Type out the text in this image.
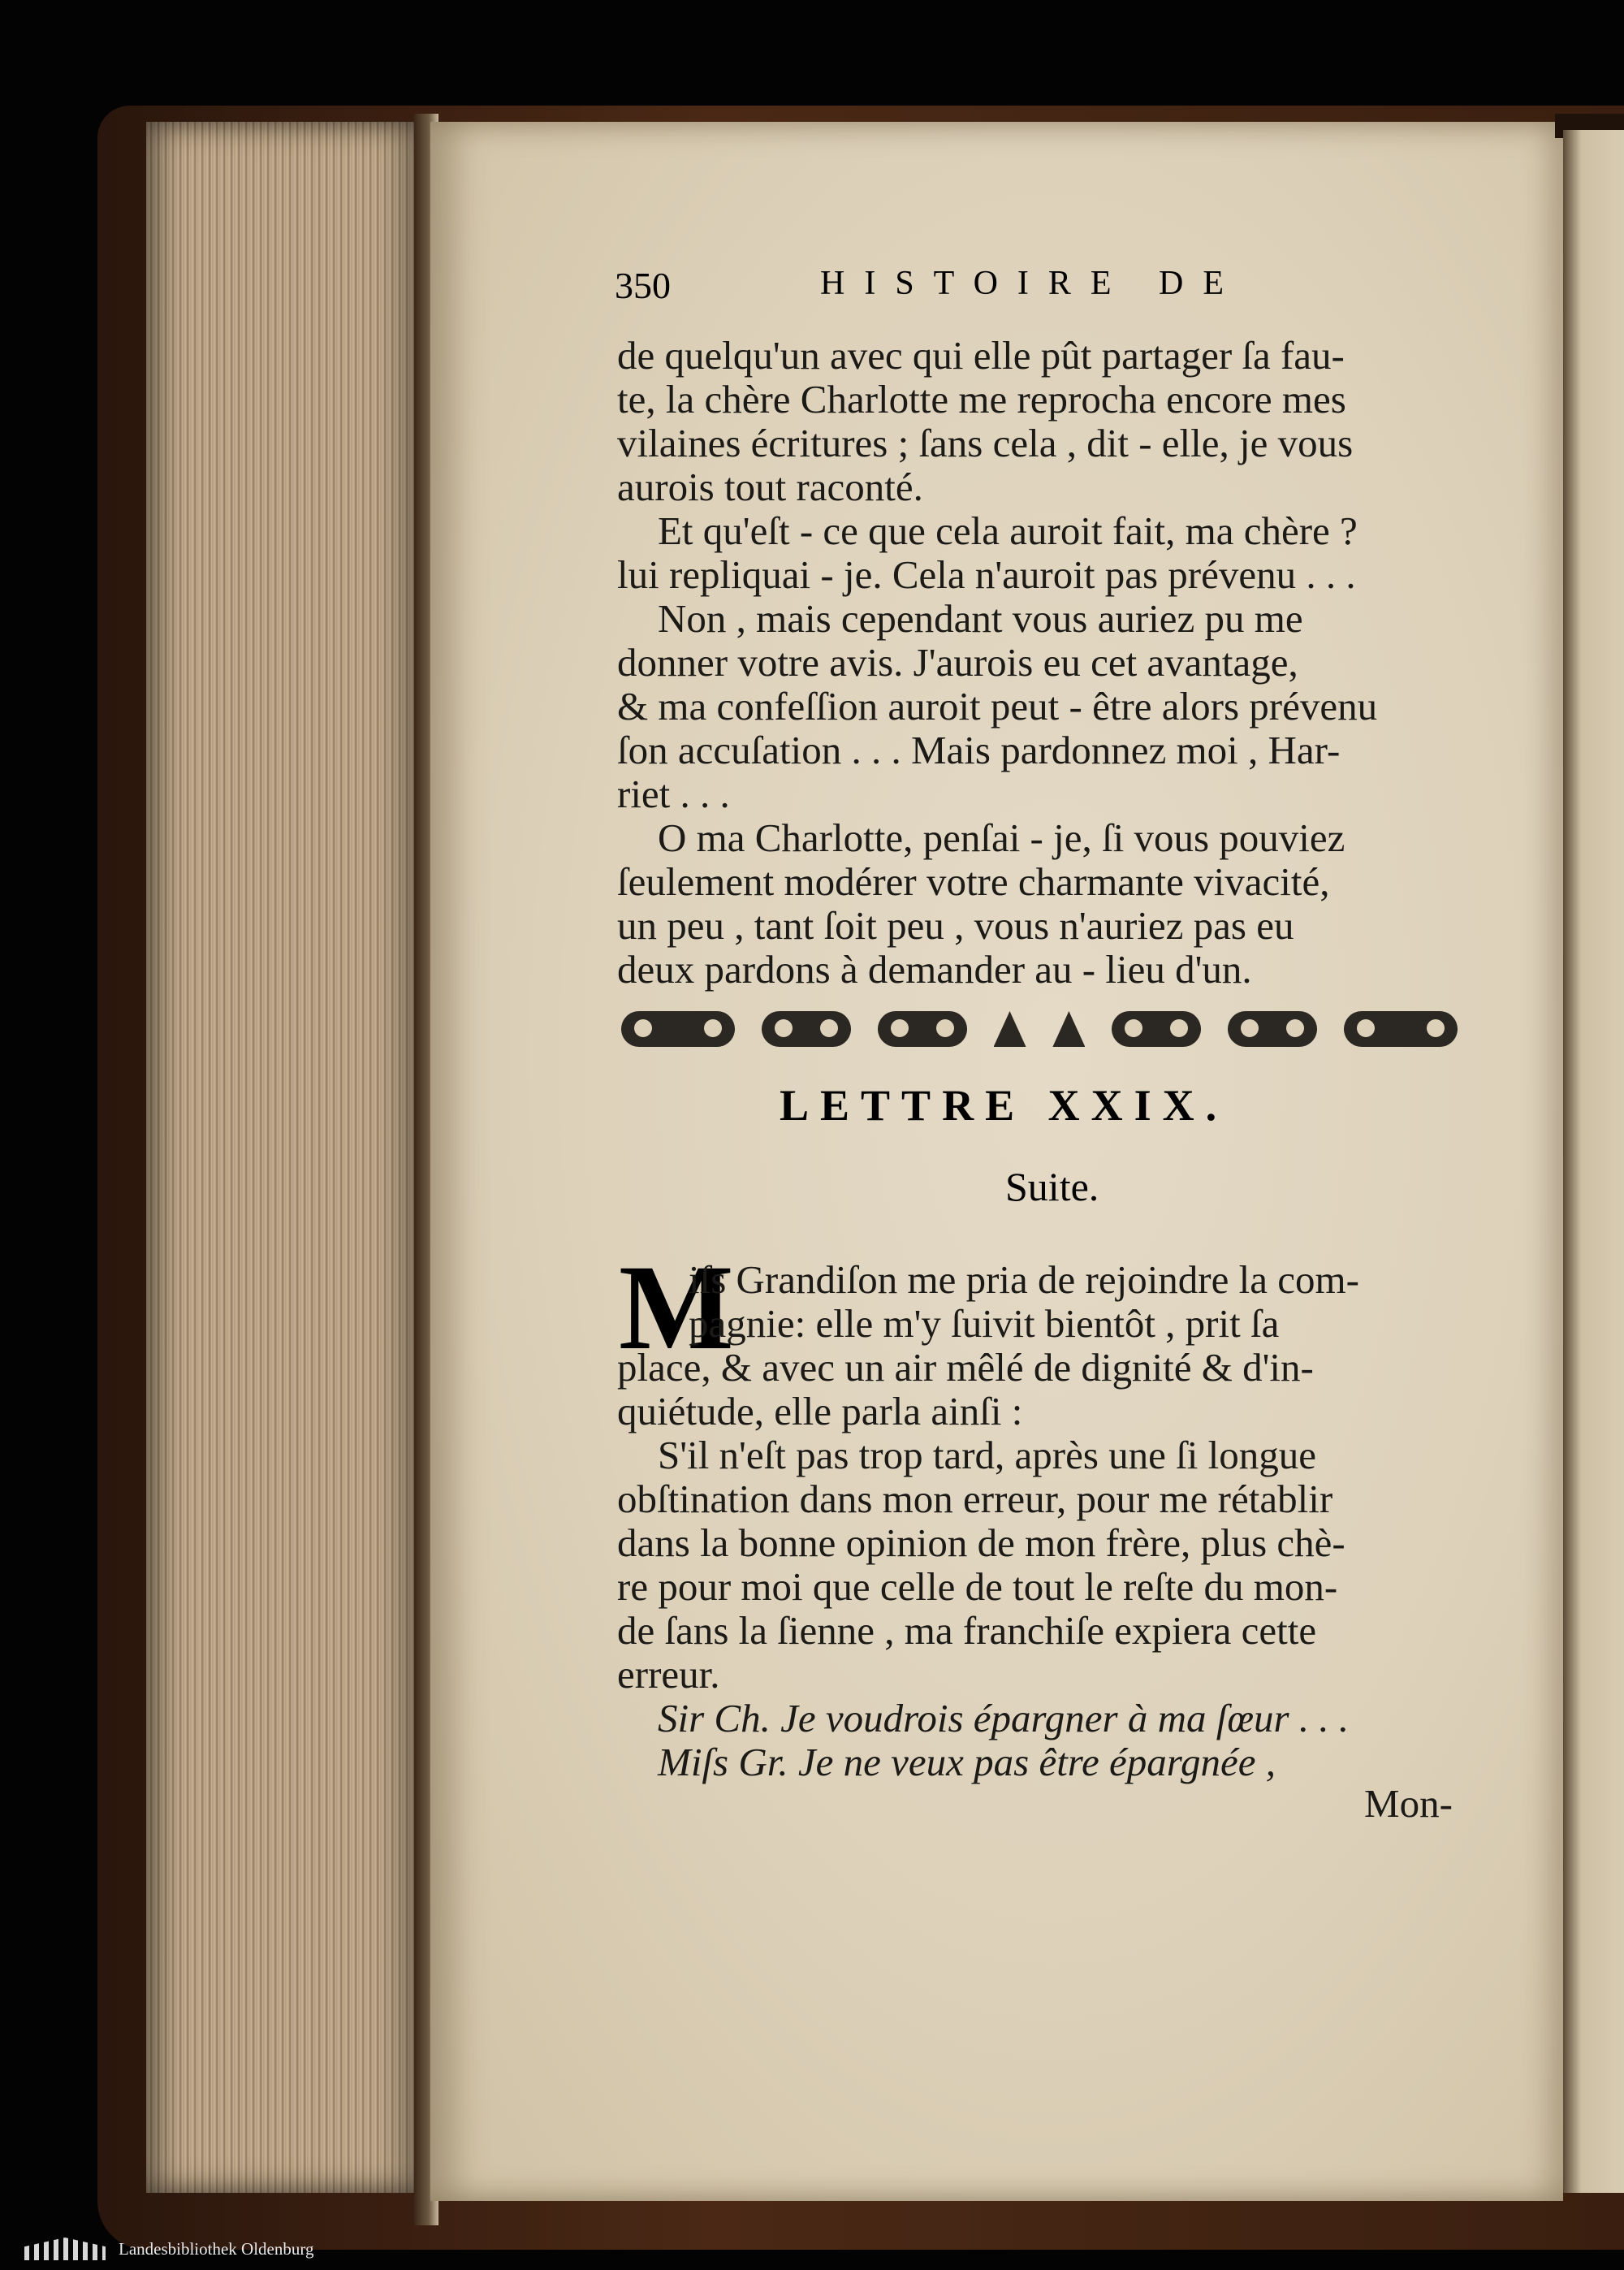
350	HISTOIRE DE
de quelqu'un avec qui elle pût partager ſa fau-
te, la chère Charlotte me reprocha encore mes
vilaines écritures ; ſans cela , dit - elle, je vous
aurois tout raconté.
Et qu'eſt - ce que cela auroit fait, ma chère ?
lui repliquai - je. Cela n'auroit pas prévenu . . .
Non , mais cependant vous auriez pu me
donner votre avis. J'aurois eu cet avantage,
& ma confeſſion auroit peut - être alors prévenu
ſon accuſation . . . Mais pardonnez moi , Har-
riet . . .
O ma Charlotte, penſai - je, ſi vous pouviez
ſeulement modérer votre charmante vivacité,
un peu , tant ſoit peu , vous n'auriez pas eu
deux pardons à demander au - lieu d'un.
LETTRE XXIX.
Suite.
M
iſs Grandiſon me pria de rejoindre la com-
pagnie: elle m'y ſuivit bientôt , prit ſa
place, & avec un air mêlé de dignité & d'in-
quiétude, elle parla ainſi :
S'il n'eſt pas trop tard, après une ſi longue
obſtination dans mon erreur, pour me rétablir
dans la bonne opinion de mon frère, plus chè-
re pour moi que celle de tout le reſte du mon-
de ſans la ſienne , ma franchiſe expiera cette
erreur.
Sir Ch. Je voudrois épargner à ma ſœur . . .
Miſs Gr. Je ne veux pas être épargnée ,
Mon-
Landesbibliothek Oldenburg
